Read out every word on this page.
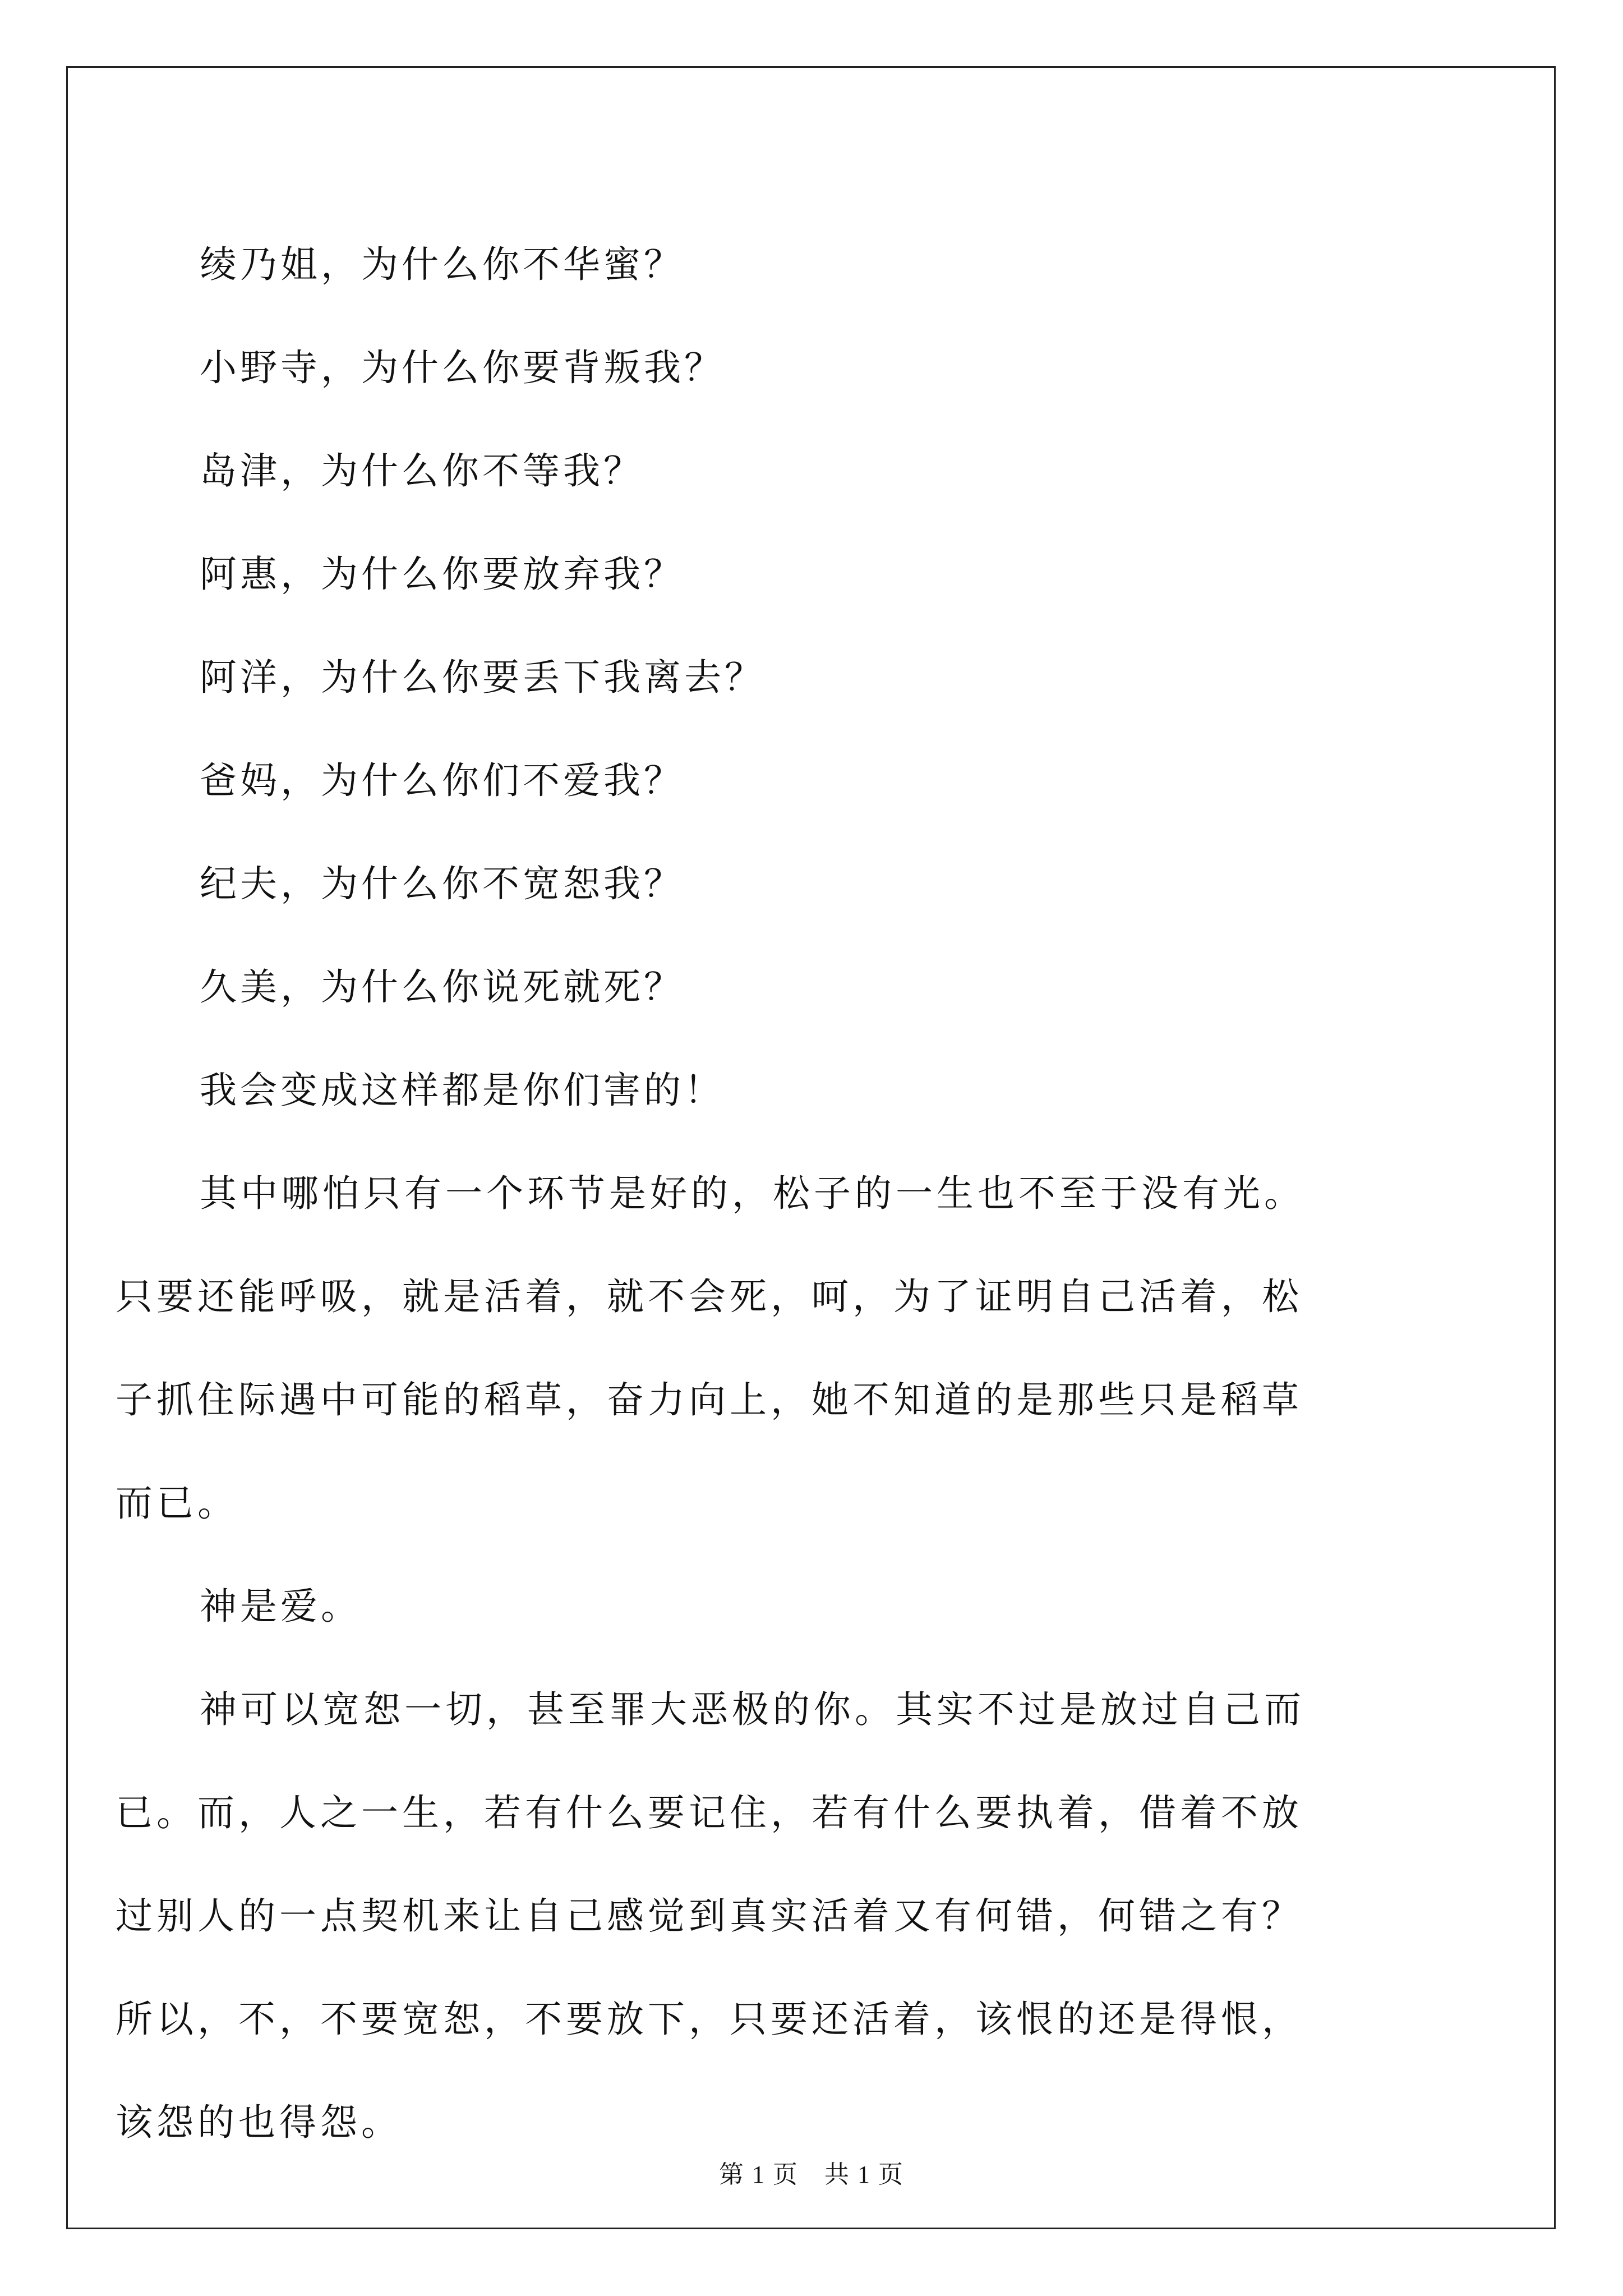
绫乃姐，为什么你不华蜜？

小野寺，为什么你要背叛我？

岛津，为什么你不等我？

阿惠，为什么你要放弃我？

阿洋，为什么你要丢下我离去？

爸妈，为什么你们不爱我？

纪夫，为什么你不宽恕我？

久美，为什么你说死就死？

我会变成这样都是你们害的！

其中哪怕只有一个环节是好的，松子的一生也不至于没有光。只要还能呼吸，就是活着，就不会死，呵，为了证明自己活着，松子抓住际遇中可能的稻草，奋力向上，她不知道的是那些只是稻草而已。

神是爱。

神可以宽恕一切，甚至罪大恶极的你。其实不过是放过自己而已。而，人之一生，若有什么要记住，若有什么要执着，借着不放过别人的一点契机来让自己感觉到真实活着又有何错，何错之有？所以，不，不要宽恕，不要放下，只要还活着，该恨的还是得恨，该怨的也得怨。

第 1 页　共 1 页
